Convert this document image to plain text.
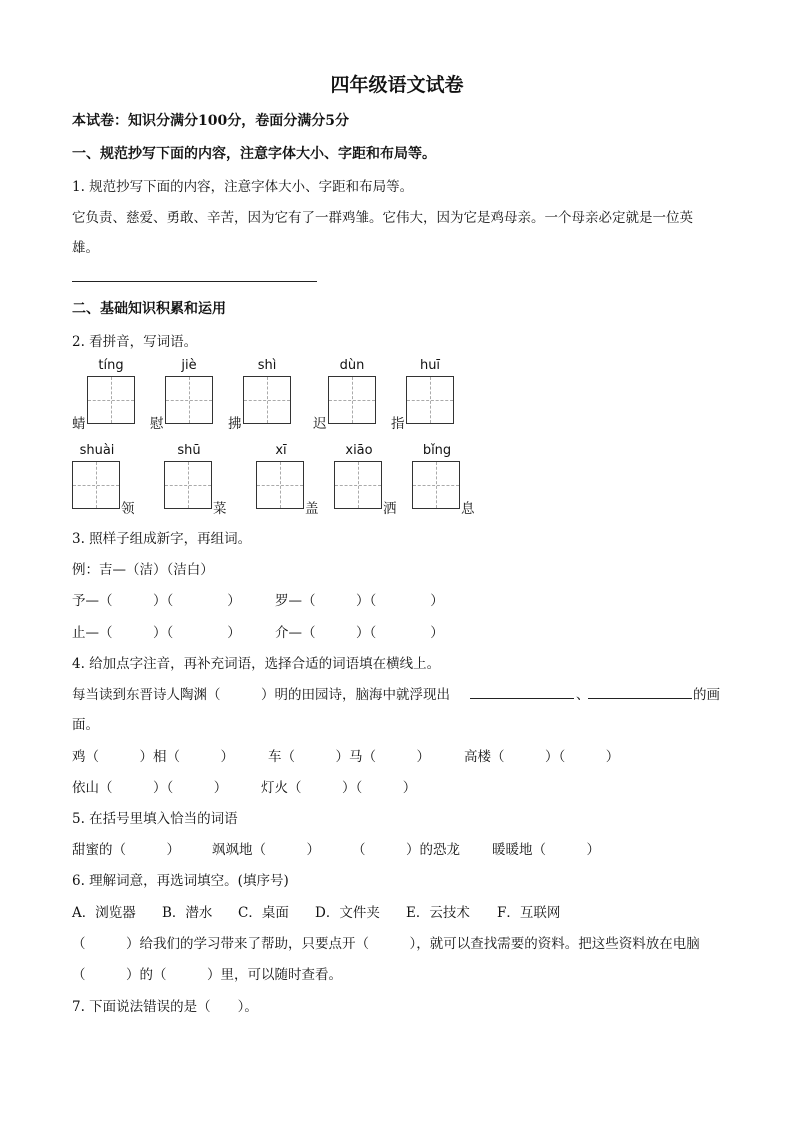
四年级语文试卷
本试卷：知识分满分100分，卷面分满分5分
一、规范抄写下面的内容，注意字体大小、字距和布局等。
1. 规范抄写下面的内容，注意字体大小、字距和布局等。
它负责、慈爱、勇敢、辛苦，因为它有了一群鸡雏。它伟大，因为它是鸡母亲。一个母亲必定就是一位英
雄。
二、基础知识积累和运用
2. 看拼音，写词语。
tíng
蜻
jiè
慰
shì
拂
dùn
迟
huī
指
shuài
领
shū
菜
xī
盖
xiāo
洒
bǐng
息
3. 照样子组成新字，再组词。
例：吉—（洁）（洁白）
予—（　　　）（　　　　）	罗—（　　　）（　　　　）
止—（　　　）（　　　　）	介—（　　　）（　　　　）
4. 给加点字注音，再补充词语，选择合适的词语填在横线上。
每当读到东晋诗人陶渊（　　　）明的田园诗，脑海中就浮现出	、	的画
面。
鸡（　　　）相（　　　）	车（　　　）马（　　　）	高楼（　　　）（　　　）
依山（　　　）（　　　）	灯火（　　　）（　　　）
5. 在括号里填入恰当的词语
甜蜜的（　　　） 飒飒地（　　　） （　　　）的恐龙 暖暖地（　　　）
6. 理解词意，再选词填空。(填序号)
A．浏览器 B．潜水 C．桌面 D．文件夹 E．云技术 F．互联网
（　　　）给我们的学习带来了帮助，只要点开（　　　），就可以查找需要的资料。把这些资料放在电脑
（　　　）的（　　　）里，可以随时查看。
7. 下面说法错误的是（　　）。
